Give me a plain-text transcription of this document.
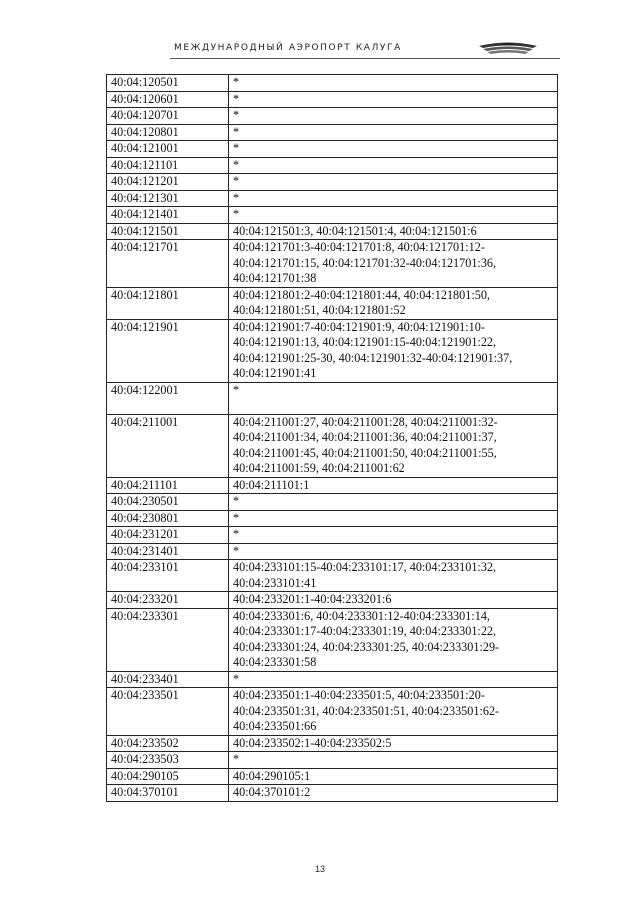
МЕЖДУНАРОДНЫЙ АЭРОПОРТ КАЛУГА
40:04:120501	*
40:04:120601	*
40:04:120701	*
40:04:120801	*
40:04:121001	*
40:04:121101	*
40:04:121201	*
40:04:121301	*
40:04:121401	*
40:04:121501	40:04:121501:3, 40:04:121501:4, 40:04:121501:6
40:04:121701	40:04:121701:3-40:04:121701:8, 40:04:121701:12-
40:04:121701:15, 40:04:121701:32-40:04:121701:36,
40:04:121701:38
40:04:121801	40:04:121801:2-40:04:121801:44, 40:04:121801:50,
40:04:121801:51, 40:04:121801:52
40:04:121901	40:04:121901:7-40:04:121901:9, 40:04:121901:10-
40:04:121901:13, 40:04:121901:15-40:04:121901:22,
40:04:121901:25-30, 40:04:121901:32-40:04:121901:37,
40:04:121901:41
40:04:122001	*

40:04:211001	40:04:211001:27, 40:04:211001:28, 40:04:211001:32-
40:04:211001:34, 40:04:211001:36, 40:04:211001:37,
40:04:211001:45, 40:04:211001:50, 40:04:211001:55,
40:04:211001:59, 40:04:211001:62
40:04:211101	40:04:211101:1
40:04:230501	*
40:04:230801	*
40:04:231201	*
40:04:231401	*
40:04:233101	40:04:233101:15-40:04:233101:17, 40:04:233101:32,
40:04:233101:41
40:04:233201	40:04:233201:1-40:04:233201:6
40:04:233301	40:04:233301:6, 40:04:233301:12-40:04:233301:14,
40:04:233301:17-40:04:233301:19, 40:04:233301:22,
40:04:233301:24, 40:04:233301:25, 40:04:233301:29-
40:04:233301:58
40:04:233401	*
40:04:233501	40:04:233501:1-40:04:233501:5, 40:04:233501:20-
40:04:233501:31, 40:04:233501:51, 40:04:233501:62-
40:04:233501:66
40:04:233502	40:04:233502:1-40:04:233502:5
40:04:233503	*
40:04:290105	40:04:290105:1
40:04:370101	40:04:370101:2
13
